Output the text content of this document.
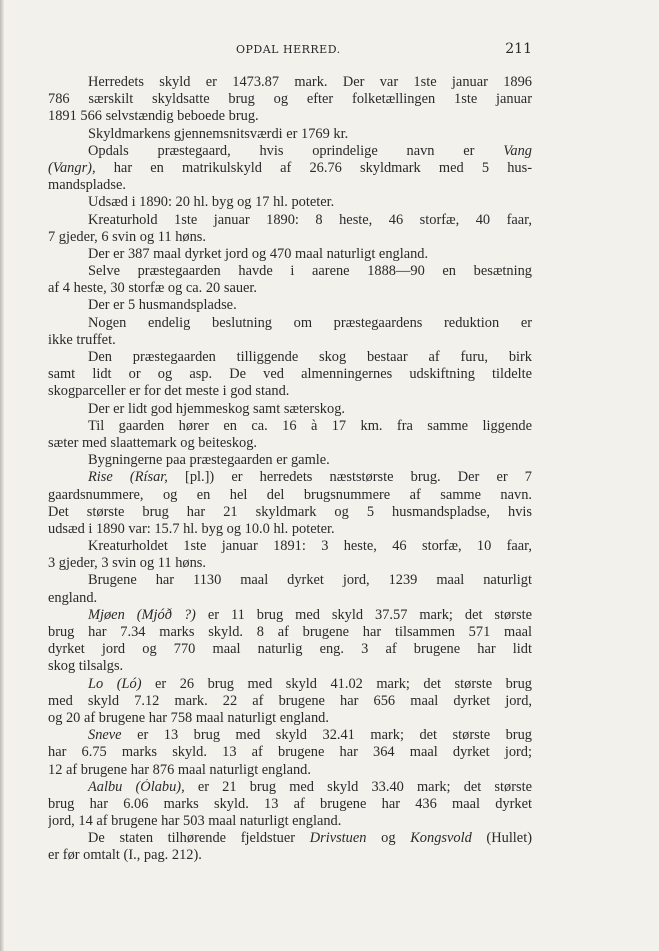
OPDAL HERRED.	211
Herredets skyld er 1473.87 mark. Der var 1ste januar 1896
786 særskilt skyldsatte brug og efter folketællingen 1ste januar
1891 566 selvstændig beboede brug.
Skyldmarkens gjennemsnitsværdi er 1769 kr.
Opdals præstegaard, hvis oprindelige navn er Vang
(Vangr), har en matrikulskyld af 26.76 skyldmark med 5 hus-
mandspladse.
Udsæd i 1890: 20 hl. byg og 17 hl. poteter.
Kreaturhold 1ste januar 1890: 8 heste, 46 storfæ, 40 faar,
7 gjeder, 6 svin og 11 høns.
Der er 387 maal dyrket jord og 470 maal naturligt england.
Selve præstegaarden havde i aarene 1888—90 en besætning
af 4 heste, 30 storfæ og ca. 20 sauer.
Der er 5 husmandspladse.
Nogen endelig beslutning om præstegaardens reduktion er
ikke truffet.
Den præstegaarden tilliggende skog bestaar af furu, birk
samt lidt or og asp. De ved almenningernes udskiftning tildelte
skogparceller er for det meste i god stand.
Der er lidt god hjemmeskog samt sæterskog.
Til gaarden hører en ca. 16 à 17 km. fra samme liggende
sæter med slaattemark og beiteskog.
Bygningerne paa præstegaarden er gamle.
Rise (Rísar, [pl.]) er herredets næststørste brug. Der er 7
gaardsnummere, og en hel del brugsnummere af samme navn.
Det største brug har 21 skyldmark og 5 husmandspladse, hvis
udsæd i 1890 var: 15.7 hl. byg og 10.0 hl. poteter.
Kreaturholdet 1ste januar 1891: 3 heste, 46 storfæ, 10 faar,
3 gjeder, 3 svin og 11 høns.
Brugene har 1130 maal dyrket jord, 1239 maal naturligt
england.
Mjøen (Mjóð ?) er 11 brug med skyld 37.57 mark; det største
brug har 7.34 marks skyld. 8 af brugene har tilsammen 571 maal
dyrket jord og 770 maal naturlig eng. 3 af brugene har lidt
skog tilsalgs.
Lo (Ló) er 26 brug med skyld 41.02 mark; det største brug
med skyld 7.12 mark. 22 af brugene har 656 maal dyrket jord,
og 20 af brugene har 758 maal naturligt england.
Sneve er 13 brug med skyld 32.41 mark; det største brug
har 6.75 marks skyld. 13 af brugene har 364 maal dyrket jord;
12 af brugene har 876 maal naturligt england.
Aalbu (Ólabu), er 21 brug med skyld 33.40 mark; det største
brug har 6.06 marks skyld. 13 af brugene har 436 maal dyrket
jord, 14 af brugene har 503 maal naturligt england.
De staten tilhørende fjeldstuer Drivstuen og Kongsvold (Hullet)
er før omtalt (I., pag. 212).
